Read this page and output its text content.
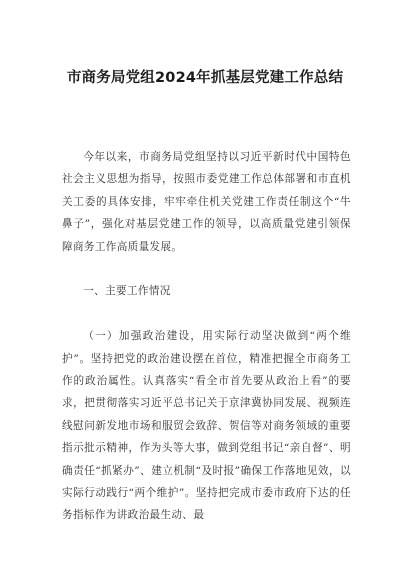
市商务局党组2024年抓基层党建工作总结

今年以来，市商务局党组坚持以习近平新时代中国特色社会主义思想为指导，按照市委党建工作总体部署和市直机关工委的具体安排，牢牢牵住机关党建工作责任制这个“牛鼻子”，强化对基层党建工作的领导，以高质量党建引领保障商务工作高质量发展。

一、主要工作情况

（一）加强政治建设，用实际行动坚决做到“两个维护”。坚持把党的政治建设摆在首位，精准把握全市商务工作的政治属性。认真落实“看全市首先要从政治上看”的要求，把贯彻落实习近平总书记关于京津冀协同发展、视频连线慰问新发地市场和服贸会致辞、贺信等对商务领域的重要指示批示精神，作为头等大事，做到党组书记“亲自督”、明确责任“抓紧办”、建立机制“及时报”确保工作落地见效，以实际行动践行“两个维护”。坚持把完成市委市政府下达的任务指标作为讲政治最生动、最
